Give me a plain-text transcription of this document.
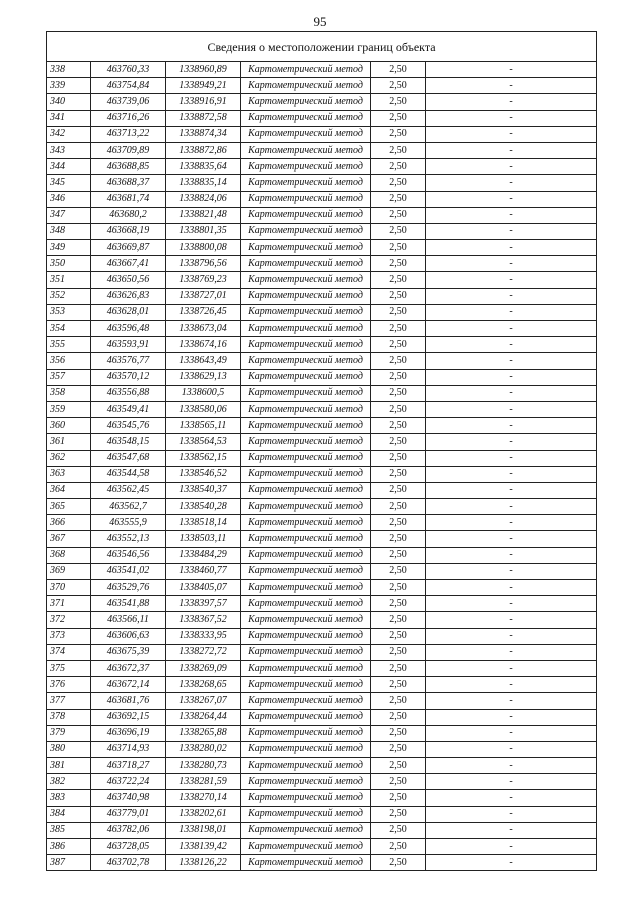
95
Сведения о местоположении границ объекта					
338	463760,33	1338960,89	Картометрический метод	2,50	-
339	463754,84	1338949,21	Картометрический метод	2,50	-
340	463739,06	1338916,91	Картометрический метод	2,50	-
341	463716,26	1338872,58	Картометрический метод	2,50	-
342	463713,22	1338874,34	Картометрический метод	2,50	-
343	463709,89	1338872,86	Картометрический метод	2,50	-
344	463688,85	1338835,64	Картометрический метод	2,50	-
345	463688,37	1338835,14	Картометрический метод	2,50	-
346	463681,74	1338824,06	Картометрический метод	2,50	-
347	463680,2	1338821,48	Картометрический метод	2,50	-
348	463668,19	1338801,35	Картометрический метод	2,50	-
349	463669,87	1338800,08	Картометрический метод	2,50	-
350	463667,41	1338796,56	Картометрический метод	2,50	-
351	463650,56	1338769,23	Картометрический метод	2,50	-
352	463626,83	1338727,01	Картометрический метод	2,50	-
353	463628,01	1338726,45	Картометрический метод	2,50	-
354	463596,48	1338673,04	Картометрический метод	2,50	-
355	463593,91	1338674,16	Картометрический метод	2,50	-
356	463576,77	1338643,49	Картометрический метод	2,50	-
357	463570,12	1338629,13	Картометрический метод	2,50	-
358	463556,88	1338600,5	Картометрический метод	2,50	-
359	463549,41	1338580,06	Картометрический метод	2,50	-
360	463545,76	1338565,11	Картометрический метод	2,50	-
361	463548,15	1338564,53	Картометрический метод	2,50	-
362	463547,68	1338562,15	Картометрический метод	2,50	-
363	463544,58	1338546,52	Картометрический метод	2,50	-
364	463562,45	1338540,37	Картометрический метод	2,50	-
365	463562,7	1338540,28	Картометрический метод	2,50	-
366	463555,9	1338518,14	Картометрический метод	2,50	-
367	463552,13	1338503,11	Картометрический метод	2,50	-
368	463546,56	1338484,29	Картометрический метод	2,50	-
369	463541,02	1338460,77	Картометрический метод	2,50	-
370	463529,76	1338405,07	Картометрический метод	2,50	-
371	463541,88	1338397,57	Картометрический метод	2,50	-
372	463566,11	1338367,52	Картометрический метод	2,50	-
373	463606,63	1338333,95	Картометрический метод	2,50	-
374	463675,39	1338272,72	Картометрический метод	2,50	-
375	463672,37	1338269,09	Картометрический метод	2,50	-
376	463672,14	1338268,65	Картометрический метод	2,50	-
377	463681,76	1338267,07	Картометрический метод	2,50	-
378	463692,15	1338264,44	Картометрический метод	2,50	-
379	463696,19	1338265,88	Картометрический метод	2,50	-
380	463714,93	1338280,02	Картометрический метод	2,50	-
381	463718,27	1338280,73	Картометрический метод	2,50	-
382	463722,24	1338281,59	Картометрический метод	2,50	-
383	463740,98	1338270,14	Картометрический метод	2,50	-
384	463779,01	1338202,61	Картометрический метод	2,50	-
385	463782,06	1338198,01	Картометрический метод	2,50	-
386	463728,05	1338139,42	Картометрический метод	2,50	-
387	463702,78	1338126,22	Картометрический метод	2,50	-
